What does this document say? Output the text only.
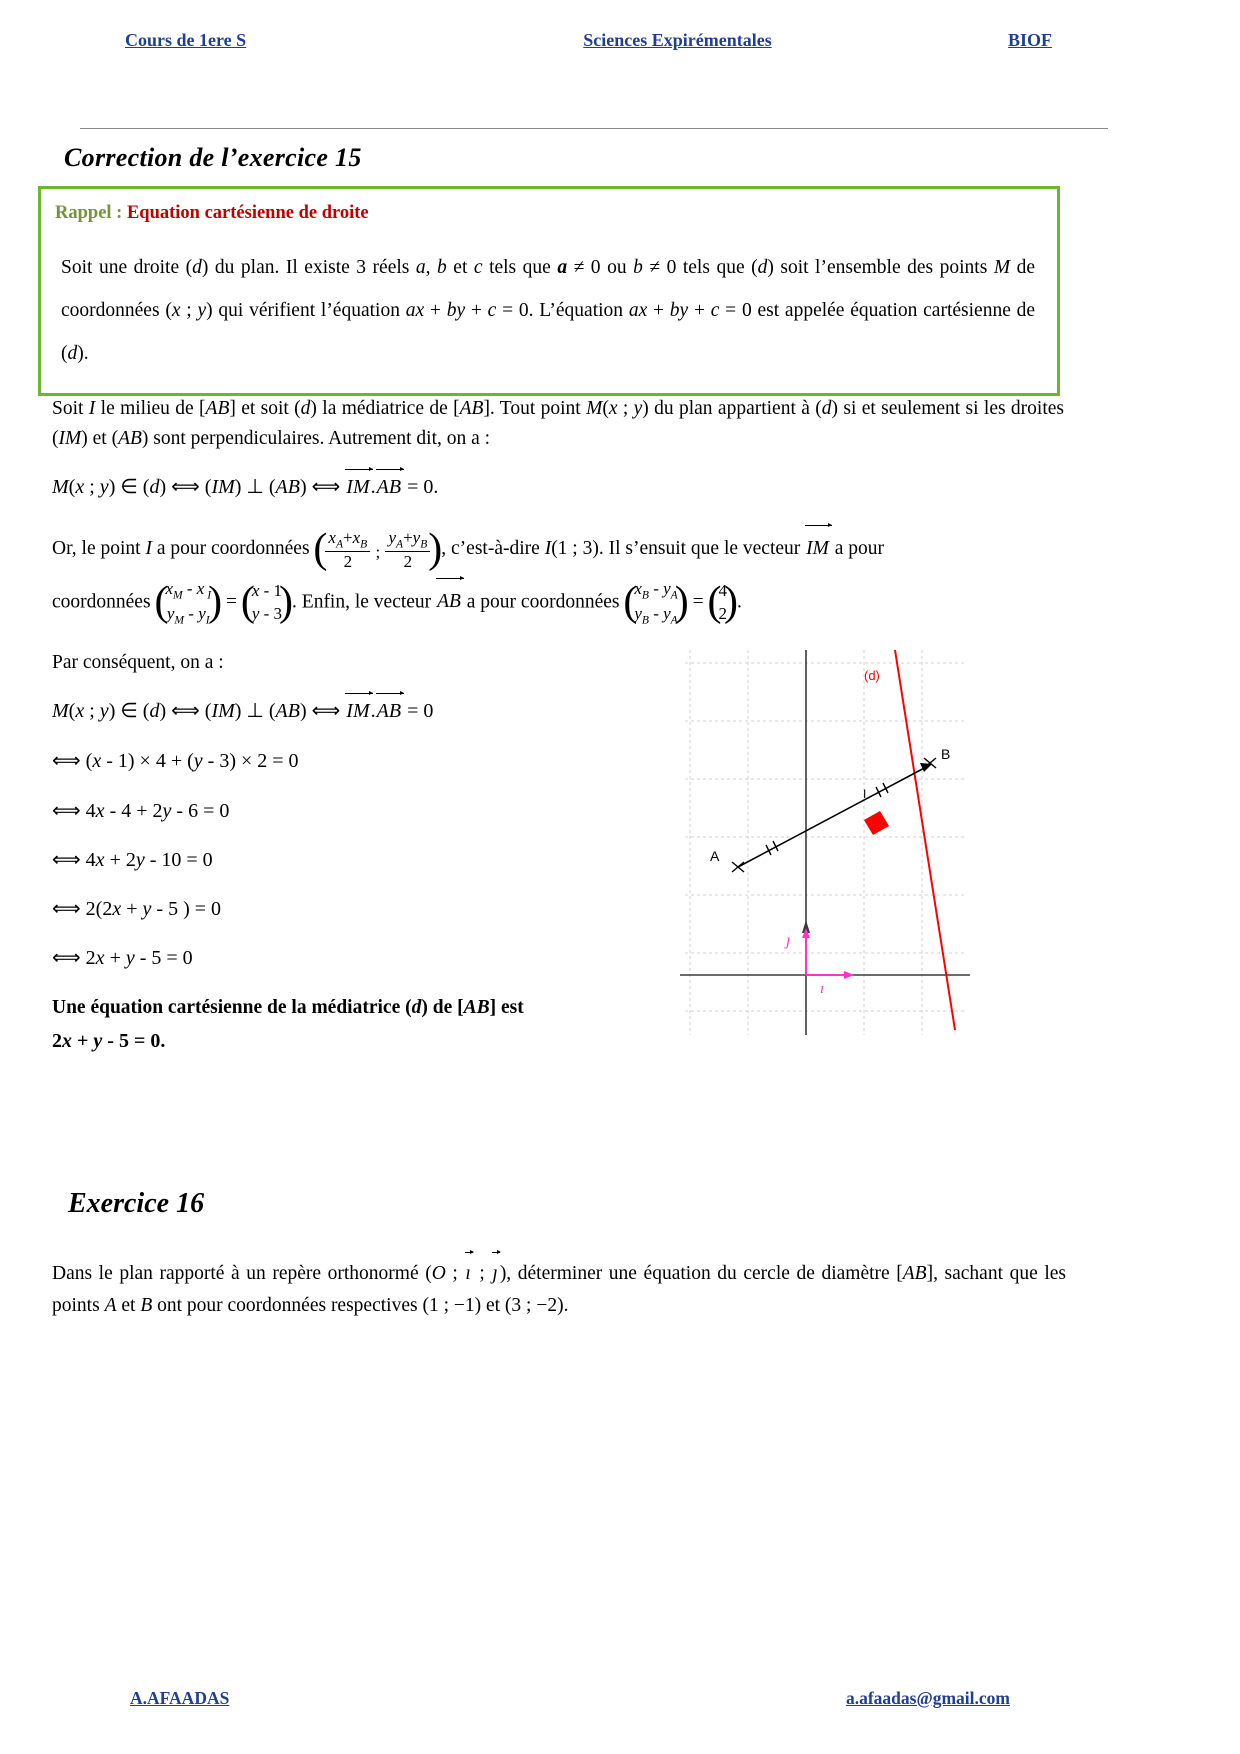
Cours de 1ere S	Sciences Expirémentales	BIOF
Correction de l’exercice 15
Rappel : Equation cartésienne de droite
Soit une droite (d) du plan. Il existe 3 réels a, b et c tels que a ≠ 0 ou b ≠ 0 tels que (d) soit l’ensemble des points M de coordonnées (x ; y) qui vérifient l’équation ax + by + c = 0. L’équation ax + by + c = 0 est appelée équation cartésienne de (d).
Soit I le milieu de [AB] et soit (d) la médiatrice de [AB]. Tout point M(x ; y) du plan appartient à (d) si et seulement si les droites (IM) et (AB) sont perpendiculaires. Autrement dit, on a :
M(x ; y) ∈ (d) ⟺ (IM) ⊥ (AB) ⟺ IM.AB = 0.
Or, le point I a pour coordonnées ( $\frac{x_A+x_B}{2}$ ; $\frac{y_A+y_B}{2}$
) , c’est-à-dire I(1 ; 3). Il s’ensuit que le vecteur IM a pour
coordonnées
( $x_M$ ‑ x $_I$
$y_M$ ‑ $y_I$
) =
( x ‑ 1
y ‑ 3
). Enfin, le vecteur AB a pour coordonnées
( $x_B$ ‑ $y_A$
$y_B$ ‑ $y_A$
) =
( 4
2
).
Par conséquent, on a :
M(x ; y) ∈ (d) ⟺ (IM) ⊥ (AB) ⟺ IM.AB = 0
⟺ (x ‑ 1) × 4 + (y ‑ 3) × 2 = 0
⟺ 4x ‑ 4 + 2y ‑ 6 = 0
⟺ 4x + 2y ‑ 10 = 0
⟺ 2(2x + y ‑ 5 ) = 0
⟺ 2x + y ‑ 5 = 0
Une équation cartésienne de la médiatrice (d) de [AB] est
2x + y ‑ 5 = 0.
(d)
A
B
I
ı⃗
ȷ⃗
Exercice 16
Dans le plan rapporté à un repère orthonormé (O ; ı ; ȷ ), déterminer une équation du cercle de diamètre [AB], sachant que les points A et B ont pour coordonnées respectives (1 ; −1) et (3 ; −2).
A.AFAADAS	a.afaadas@gmail.com
